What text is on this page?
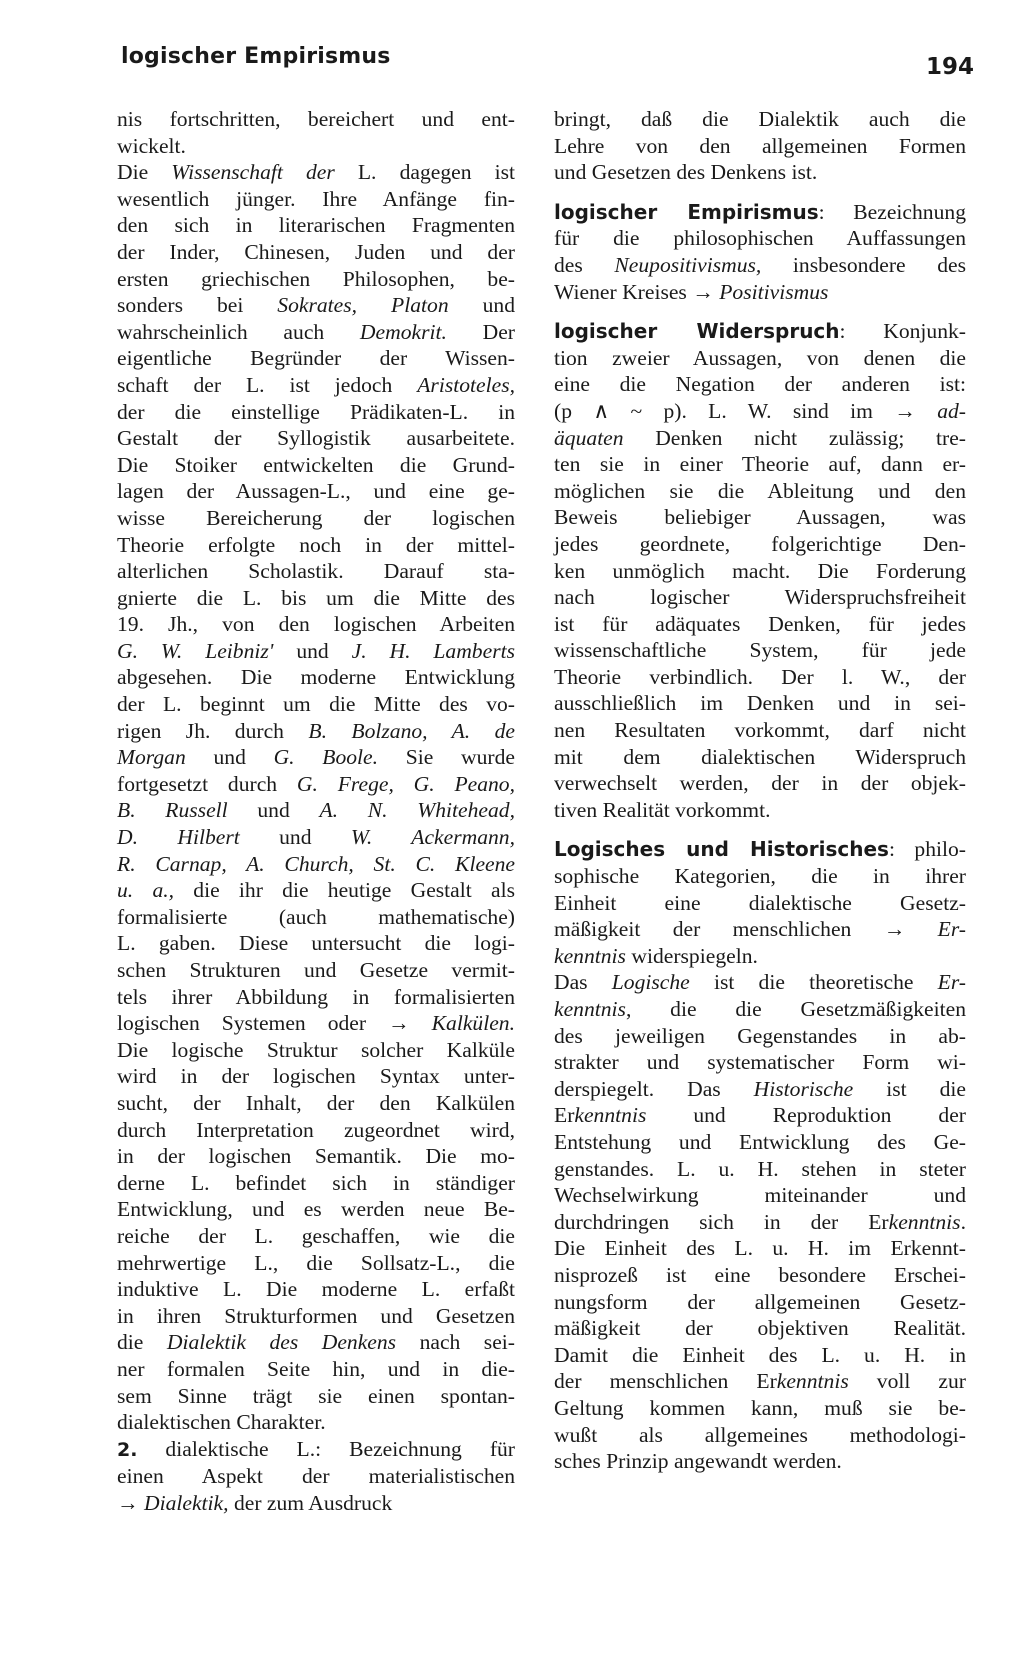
logischer Empirismus	194
nis fortschritten, bereichert und ent-
wickelt.
Die Wissenschaft der L. dagegen ist
wesentlich jünger. Ihre Anfänge fin-
den sich in literarischen Fragmenten
der Inder, Chinesen, Juden und der
ersten griechischen Philosophen, be-
sonders bei Sokrates, Platon und
wahrscheinlich auch Demokrit. Der
eigentliche Begründer der Wissen-
schaft der L. ist jedoch Aristoteles,
der die einstellige Prädikaten-L. in
Gestalt der Syllogistik ausarbeitete.
Die Stoiker entwickelten die Grund-
lagen der Aussagen-L., und eine ge-
wisse Bereicherung der logischen
Theorie erfolgte noch in der mittel-
alterlichen Scholastik. Darauf sta-
gnierte die L. bis um die Mitte des
19. Jh., von den logischen Arbeiten
G. W. Leibniz' und J. H. Lamberts
abgesehen. Die moderne Entwicklung
der L. beginnt um die Mitte des vo-
rigen Jh. durch B. Bolzano, A. de
Morgan und G. Boole. Sie wurde
fortgesetzt durch G. Frege, G. Peano,
B. Russell und A. N. Whitehead,
D. Hilbert und W. Ackermann,
R. Carnap, A. Church, St. C. Kleene
u. a., die ihr die heutige Gestalt als
formalisierte (auch mathematische)
L. gaben. Diese untersucht die logi-
schen Strukturen und Gesetze vermit-
tels ihrer Abbildung in formalisierten
logischen Systemen oder → Kalkülen.
Die logische Struktur solcher Kalküle
wird in der logischen Syntax unter-
sucht, der Inhalt, der den Kalkülen
durch Interpretation zugeordnet wird,
in der logischen Semantik. Die mo-
derne L. befindet sich in ständiger
Entwicklung, und es werden neue Be-
reiche der L. geschaffen, wie die
mehrwertige L., die Sollsatz-L., die
induktive L. Die moderne L. erfaßt
in ihren Strukturformen und Gesetzen
die Dialektik des Denkens nach sei-
ner formalen Seite hin, und in die-
sem Sinne trägt sie einen spontan-
dialektischen Charakter.
2. dialektische L.: Bezeichnung für
einen Aspekt der materialistischen
→ Dialektik, der zum Ausdruck
bringt, daß die Dialektik auch die
Lehre von den allgemeinen Formen
und Gesetzen des Denkens ist.
logischer Empirismus: Bezeichnung
für die philosophischen Auffassungen
des Neupositivismus, insbesondere des
Wiener Kreises → Positivismus
logischer Widerspruch: Konjunk-
tion zweier Aussagen, von denen die
eine die Negation der anderen ist:
(p ∧ ~ p). L. W. sind im → ad-
äquaten Denken nicht zulässig; tre-
ten sie in einer Theorie auf, dann er-
möglichen sie die Ableitung und den
Beweis beliebiger Aussagen, was
jedes geordnete, folgerichtige Den-
ken unmöglich macht. Die Forderung
nach logischer Widerspruchsfreiheit
ist für adäquates Denken, für jedes
wissenschaftliche System, für jede
Theorie verbindlich. Der l. W., der
ausschließlich im Denken und in sei-
nen Resultaten vorkommt, darf nicht
mit dem dialektischen Widerspruch
verwechselt werden, der in der objek-
tiven Realität vorkommt.
Logisches und Historisches: philo-
sophische Kategorien, die in ihrer
Einheit eine dialektische Gesetz-
mäßigkeit der menschlichen → Er-
kenntnis widerspiegeln.
Das Logische ist die theoretische Er-
kenntnis, die die Gesetzmäßigkeiten
des jeweiligen Gegenstandes in ab-
strakter und systematischer Form wi-
derspiegelt. Das Historische ist die
Erkenntnis und Reproduktion der
Entstehung und Entwicklung des Ge-
genstandes. L. u. H. stehen in steter
Wechselwirkung miteinander und
durchdringen sich in der Erkenntnis.
Die Einheit des L. u. H. im Erkennt-
nisprozeß ist eine besondere Erschei-
nungsform der allgemeinen Gesetz-
mäßigkeit der objektiven Realität.
Damit die Einheit des L. u. H. in
der menschlichen Erkenntnis voll zur
Geltung kommen kann, muß sie be-
wußt als allgemeines methodologi-
sches Prinzip angewandt werden.
